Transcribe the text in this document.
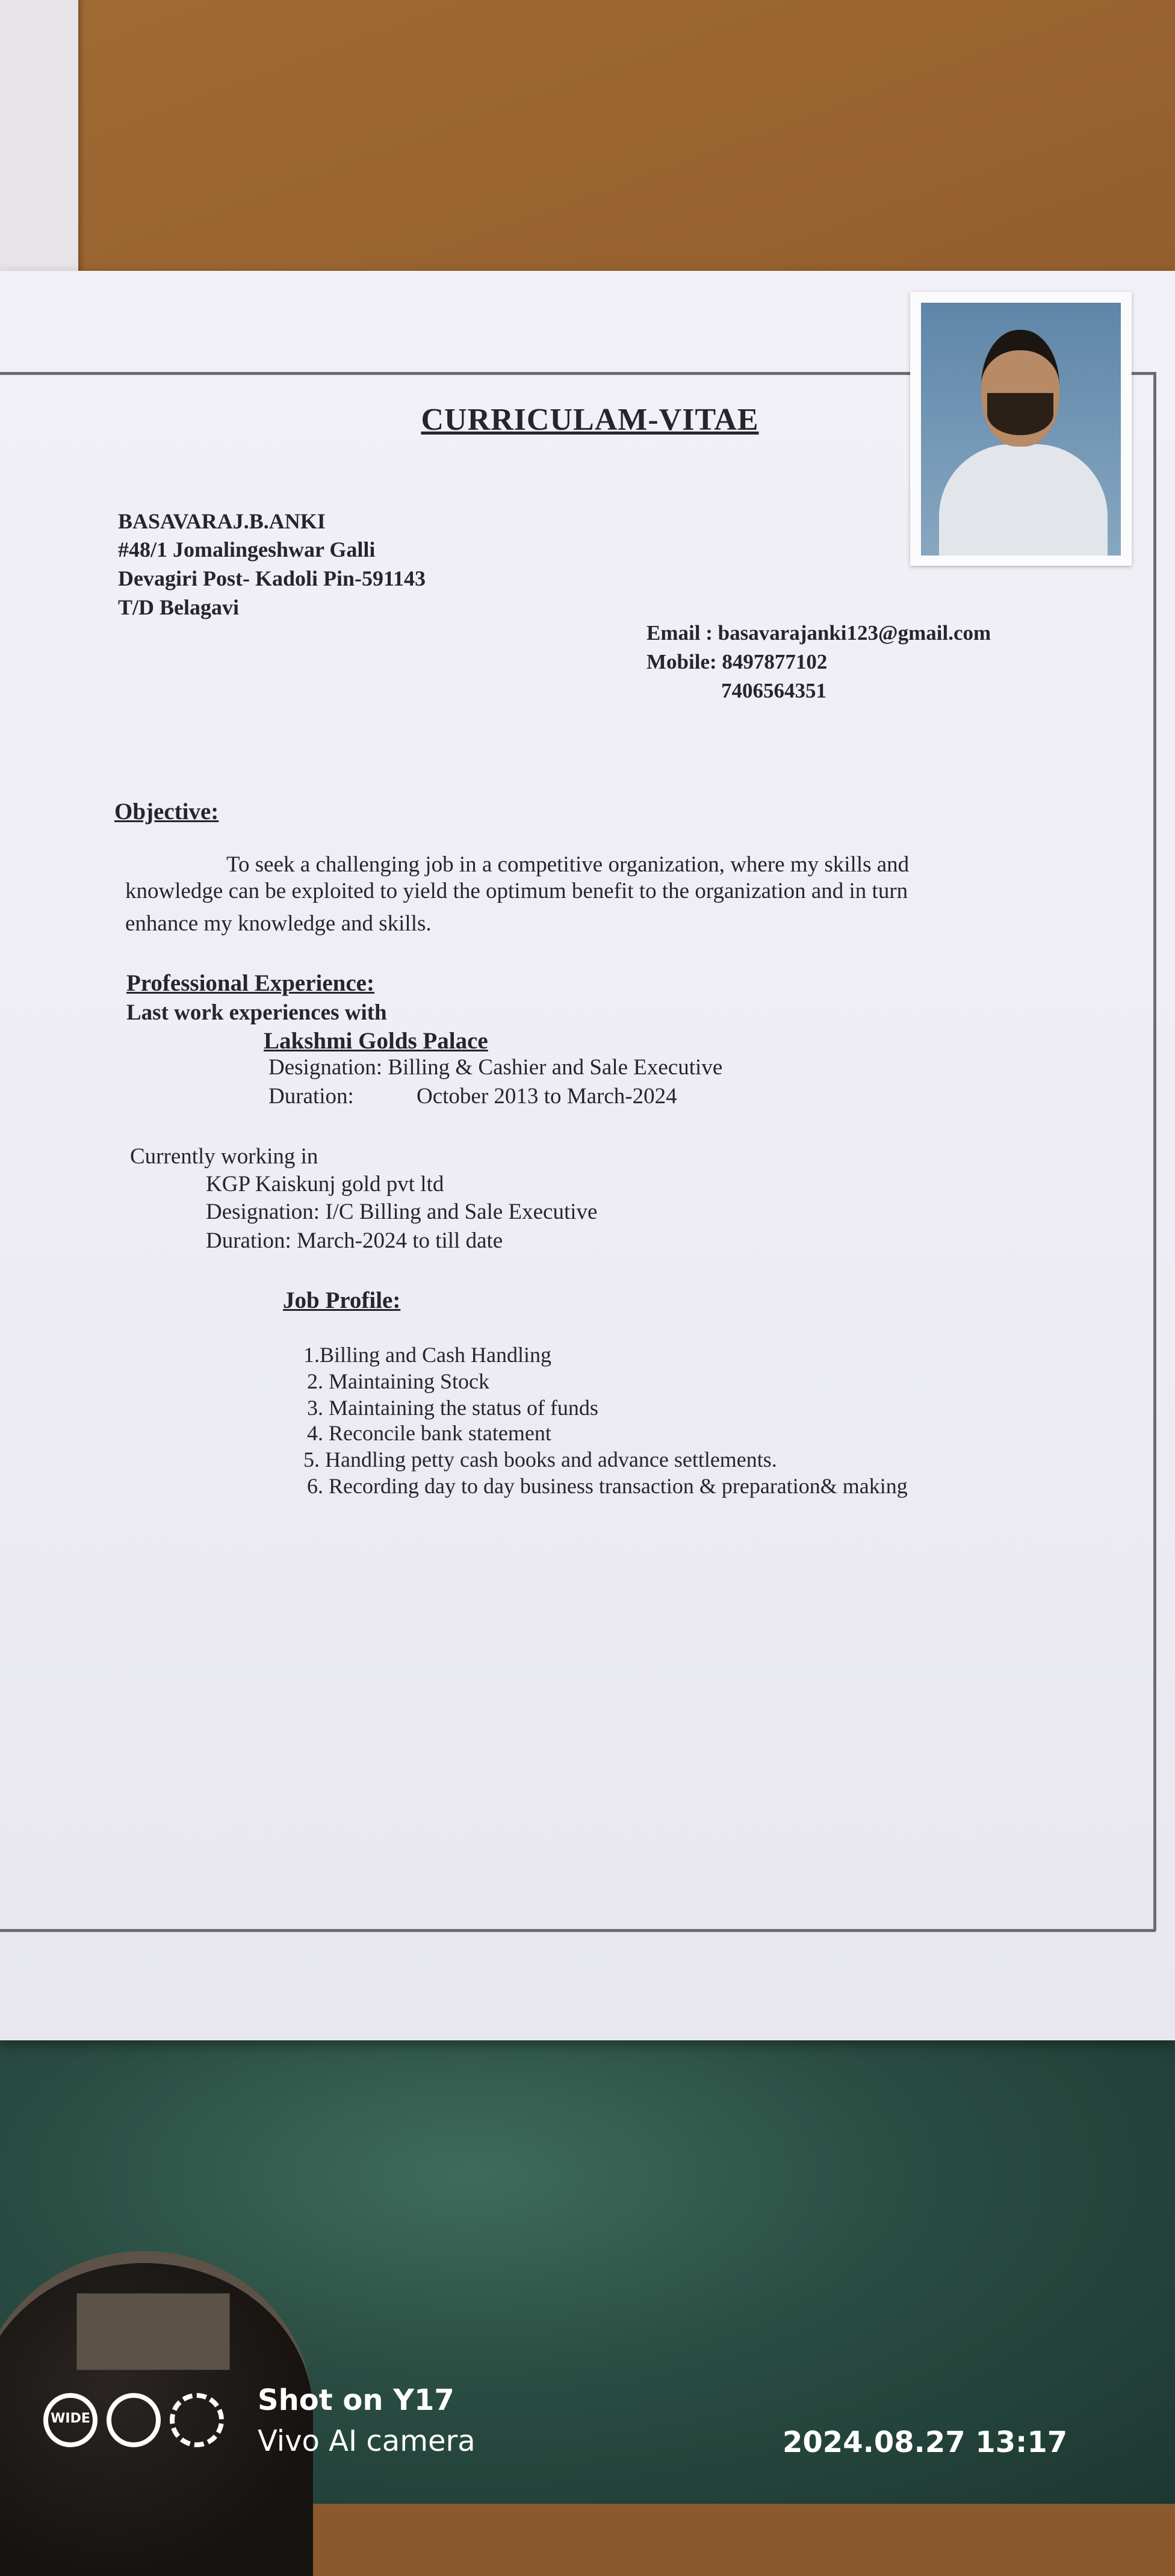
CURRICULAM-VITAE
BASAVARAJ.B.ANKI
#48/1 Jomalingeshwar Galli
Devagiri Post- Kadoli Pin-591143
T/D Belagavi
Email : basavarajanki123@gmail.com
Mobile: 8497877102
7406564351
Objective:
To seek a challenging job in a competitive organization, where my skills and
knowledge can be exploited to yield the optimum benefit to the organization and in turn
enhance my knowledge and skills.
Professional Experience:
Last work experiences with
Lakshmi Golds Palace
Designation: Billing & Cashier and Sale Executive
Duration:	October 2013 to March-2024
Currently working in
KGP Kaiskunj gold pvt ltd
Designation: I/C Billing and Sale Executive
Duration: March-2024 to till date
Job Profile:
1.Billing and Cash Handling
2. Maintaining Stock
3. Maintaining the status of funds
4. Reconcile bank statement
5. Handling petty cash books and advance settlements.
6. Recording day to day business transaction & preparation& making
WIDE
Shot on Y17
Vivo AI camera	2024.08.27 13:17
